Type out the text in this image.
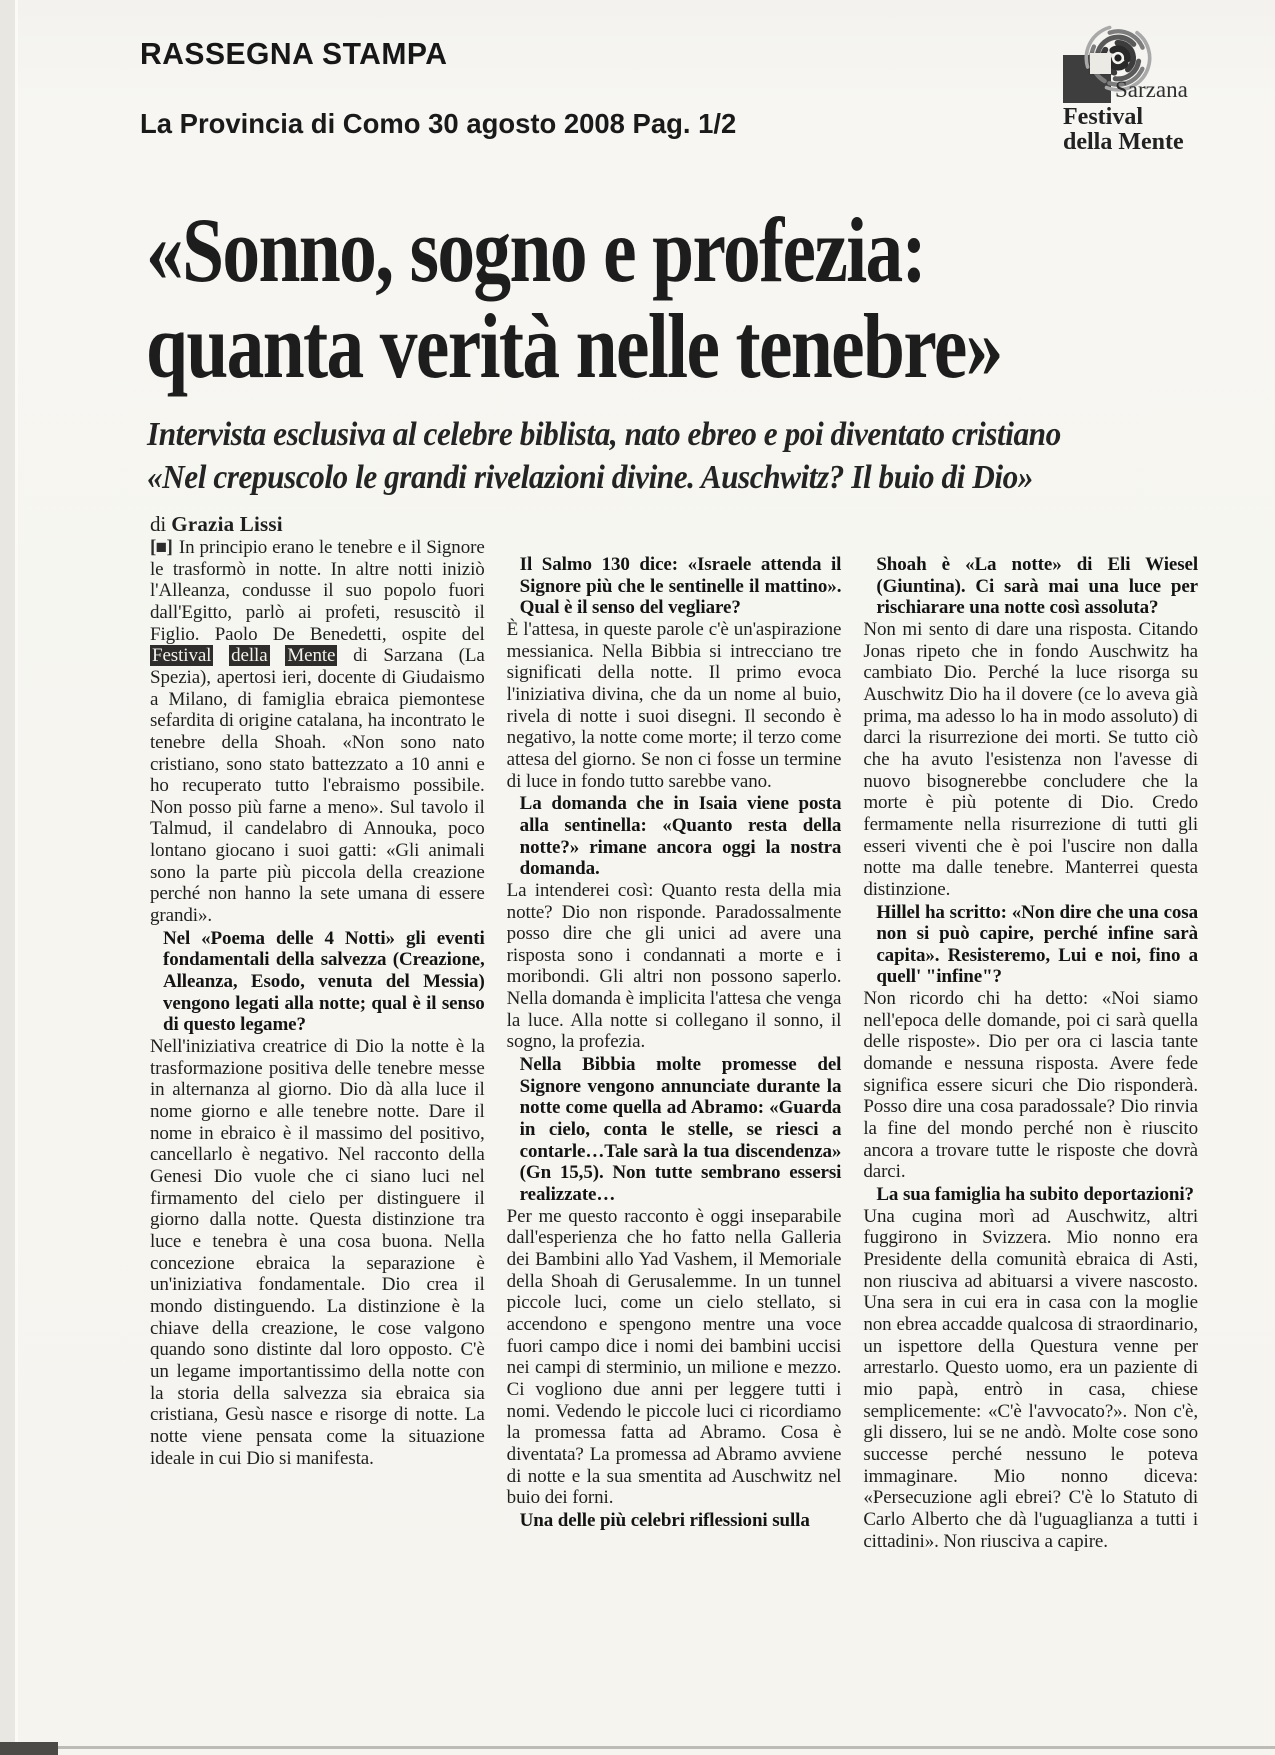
RASSEGNA STAMPA
La Provincia di Como 30 agosto 2008 Pag. 1/2
Sarzana
Festival
della Mente
«Sonno, sogno e profezia:
quanta verità nelle tenebre»
Intervista esclusiva al celebre biblista, nato ebreo e poi diventato cristiano
«Nel crepuscolo le grandi rivelazioni divine. Auschwitz? Il buio di Dio»

di Grazia Lissi

[■] In principio erano le tenebre e il Signore le trasformò in notte. In altre notti iniziò l'Alleanza, condusse il suo popolo fuori dall'Egitto, parlò ai profeti, resuscitò il Figlio. Paolo De Benedetti, ospite del Festival della Mente di Sarzana (La Spezia), apertosi ieri, docente di Giudaismo a Milano, di famiglia ebraica piemontese sefardita di origine catalana, ha incontrato le tenebre della Shoah. «Non sono nato cristiano, sono stato battezzato a 10 anni e ho recuperato tutto l'ebraismo possibile. Non posso più farne a meno». Sul tavolo il Talmud, il candelabro di Annouka, poco lontano giocano i suoi gatti: «Gli animali sono la parte più piccola della creazione perché non hanno la sete umana di essere grandi».

Nel «Poema delle 4 Notti» gli eventi fondamentali della salvezza (Creazione, Alleanza, Esodo, venuta del Messia) vengono legati alla notte; qual è il senso di questo legame?

Nell'iniziativa creatrice di Dio la notte è la trasformazione positiva delle tenebre messe in alternanza al giorno. Dio dà alla luce il nome giorno e alle tenebre notte. Dare il nome in ebraico è il massimo del positivo, cancellarlo è negativo. Nel racconto della Genesi Dio vuole che ci siano luci nel firmamento del cielo per distinguere il giorno dalla notte. Questa distinzione tra luce e tenebra è una cosa buona. Nella concezione ebraica la separazione è un'iniziativa fondamentale. Dio crea il mondo distinguendo. La distinzione è la chiave della creazione, le cose valgono quando sono distinte dal loro opposto. C'è un legame importantissimo della notte con la storia della salvezza sia ebraica sia cristiana, Gesù nasce e risorge di notte. La notte viene pensata come la situazione ideale in cui Dio si manifesta.

Il Salmo 130 dice: «Israele attenda il Signore più che le sentinelle il mattino». Qual è il senso del vegliare?

È l'attesa, in queste parole c'è un'aspirazione messianica. Nella Bibbia si intrecciano tre significati della notte. Il primo evoca l'iniziativa divina, che da un nome al buio, rivela di notte i suoi disegni. Il secondo è negativo, la notte come morte; il terzo come attesa del giorno. Se non ci fosse un termine di luce in fondo tutto sarebbe vano.

La domanda che in Isaia viene posta alla sentinella: «Quanto resta della notte?» rimane ancora oggi la nostra domanda.

La intenderei così: Quanto resta della mia notte? Dio non risponde. Paradossalmente posso dire che gli unici ad avere una risposta sono i condannati a morte e i moribondi. Gli altri non possono saperlo. Nella domanda è implicita l'attesa che venga la luce. Alla notte si collegano il sonno, il sogno, la profezia.

Nella Bibbia molte promesse del Signore vengono annunciate durante la notte come quella ad Abramo: «Guarda in cielo, conta le stelle, se riesci a contarle…Tale sarà la tua discendenza» (Gn 15,5). Non tutte sembrano essersi realizzate…

Per me questo racconto è oggi inseparabile dall'esperienza che ho fatto nella Galleria dei Bambini allo Yad Vashem, il Memoriale della Shoah di Gerusalemme. In un tunnel piccole luci, come un cielo stellato, si accendono e spengono mentre una voce fuori campo dice i nomi dei bambini uccisi nei campi di sterminio, un milione e mezzo. Ci vogliono due anni per leggere tutti i nomi. Vedendo le piccole luci ci ricordiamo la promessa fatta ad Abramo. Cosa è diventata? La promessa ad Abramo avviene di notte e la sua smentita ad Auschwitz nel buio dei forni.

Una delle più celebri riflessioni sulla

Shoah è «La notte» di Eli Wiesel (Giuntina). Ci sarà mai una luce per rischiarare una notte così assoluta?

Non mi sento di dare una risposta. Citando Jonas ripeto che in fondo Auschwitz ha cambiato Dio. Perché la luce risorga su Auschwitz Dio ha il dovere (ce lo aveva già prima, ma adesso lo ha in modo assoluto) di darci la risurrezione dei morti. Se tutto ciò che ha avuto l'esistenza non l'avesse di nuovo bisognerebbe concludere che la morte è più potente di Dio. Credo fermamente nella risurrezione di tutti gli esseri viventi che è poi l'uscire non dalla notte ma dalle tenebre. Manterrei questa distinzione.

Hillel ha scritto: «Non dire che una cosa non si può capire, perché infine sarà capita». Resisteremo, Lui e noi, fino a quell' "infine"?

Non ricordo chi ha detto: «Noi siamo nell'epoca delle domande, poi ci sarà quella delle risposte». Dio per ora ci lascia tante domande e nessuna risposta. Avere fede significa essere sicuri che Dio risponderà. Posso dire una cosa paradossale? Dio rinvia la fine del mondo perché non è riuscito ancora a trovare tutte le risposte che dovrà darci.

La sua famiglia ha subito deportazioni?

Una cugina morì ad Auschwitz, altri fuggirono in Svizzera. Mio nonno era Presidente della comunità ebraica di Asti, non riusciva ad abituarsi a vivere nascosto. Una sera in cui era in casa con la moglie non ebrea accadde qualcosa di straordinario, un ispettore della Questura venne per arrestarlo. Questo uomo, era un paziente di mio papà, entrò in casa, chiese semplicemente: «C'è l'avvocato?». Non c'è, gli dissero, lui se ne andò. Molte cose sono successe perché nessuno le poteva immaginare. Mio nonno diceva: «Persecuzione agli ebrei? C'è lo Statuto di Carlo Alberto che dà l'uguaglianza a tutti i cittadini». Non riusciva a capire.
